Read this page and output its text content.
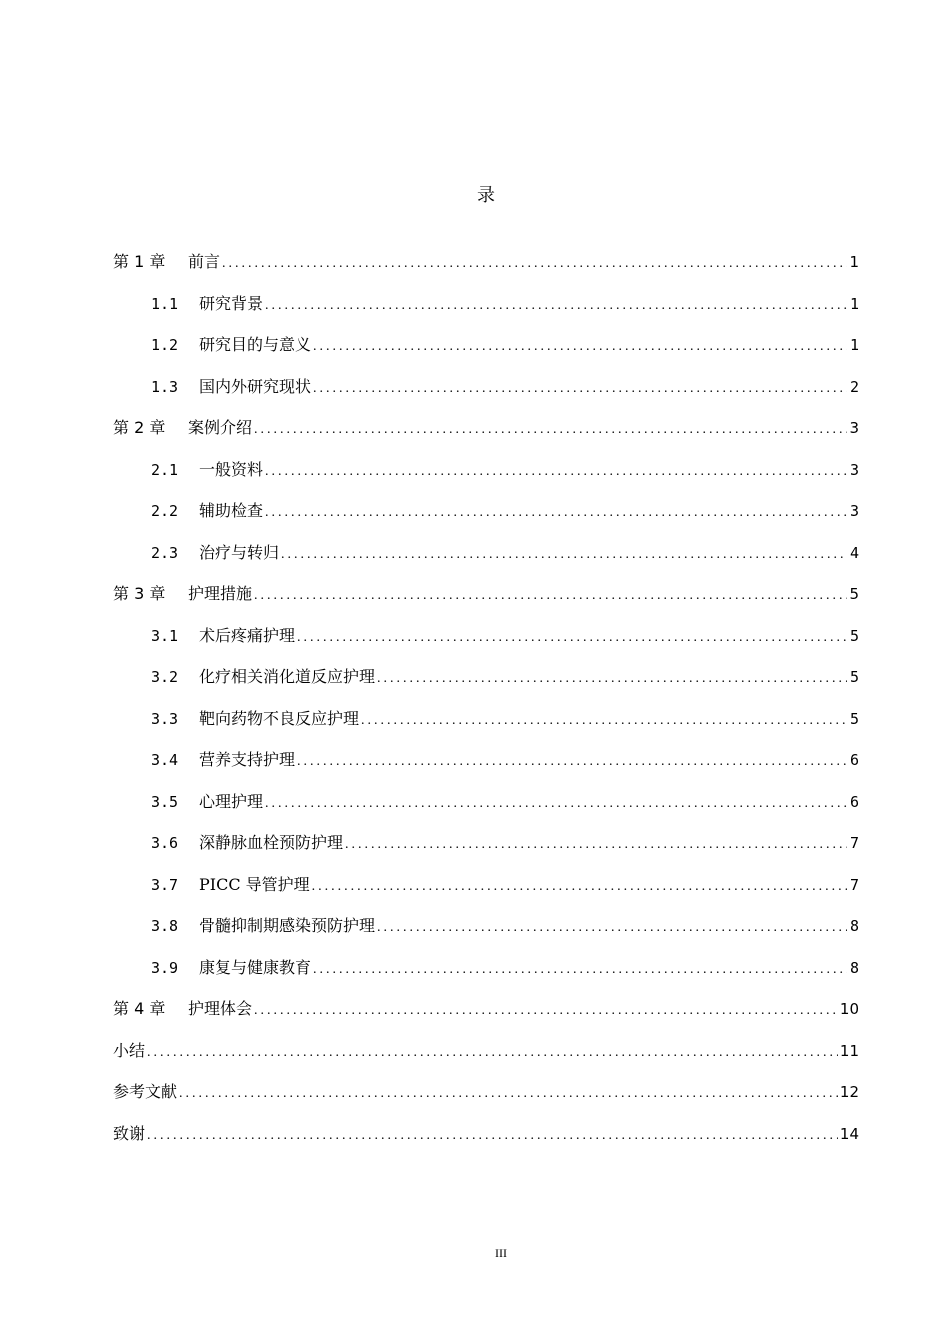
录
第 1 章	前言 .....	1
1.1	研究背景 .....	1
1.2	研究目的与意义 .....	1
1.3	国内外研究现状 .....	2
第 2 章	案例介绍 .....	3
2.1	一般资料 .....	3
2.2	辅助检查 .....	3
2.3	治疗与转归 .....	4
第 3 章	护理措施 .....	5
3.1	术后疼痛护理 .....	5
3.2	化疗相关消化道反应护理 .....	5
3.3	靶向药物不良反应护理 .....	5
3.4	营养支持护理 .....	6
3.5	心理护理 .....	6
3.6	深静脉血栓预防护理 .....	7
3.7	PICC 导管护理 .....	7
3.8	骨髓抑制期感染预防护理 .....	8
3.9	康复与健康教育 .....	8
第 4 章	护理体会 .....	10
小结 .....	11
参考文献 .....	12
致谢 .....	14
III
